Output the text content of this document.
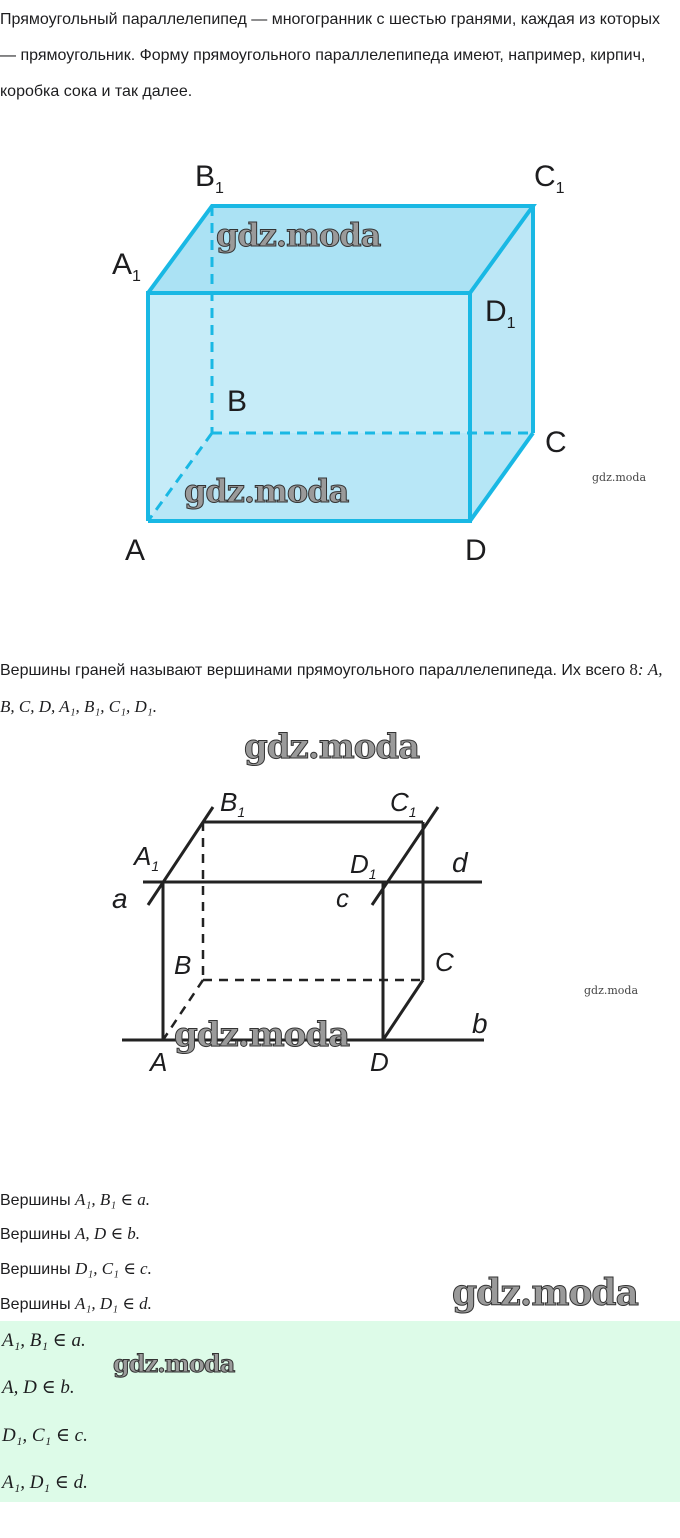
Прямоугольный параллелепипед — многогранник с шестью гранями, каждая из которых — прямоугольник. Форму прямоугольного параллелепипеда имеют, например, кирпич, коробка сока и так далее.
$B_1$	$C_1$
$A_1$
$D_1$
B
C
A	D
gdz.moda
gdz.moda	gdz.moda
Вершины граней называют вершинами прямоугольного параллелепипеда. Их всего 8: A, B, C, D, A₁, B₁, C₁, D₁.
gdz.moda
$B_1$	$C_1$
$A_1$	$D_1$	d
a	c
B	C
b
A	D
gdz.moda
gdz.moda
Вершины A₁, B₁ ∈ a.
Вершины A, D ∈ b.
Вершины D₁, C₁ ∈ c.
Вершины A₁, D₁ ∈ d.	gdz.moda
A₁, B₁ ∈ a.
A, D ∈ b.
D₁, C₁ ∈ c.
A₁, D₁ ∈ d.
gdz.moda
